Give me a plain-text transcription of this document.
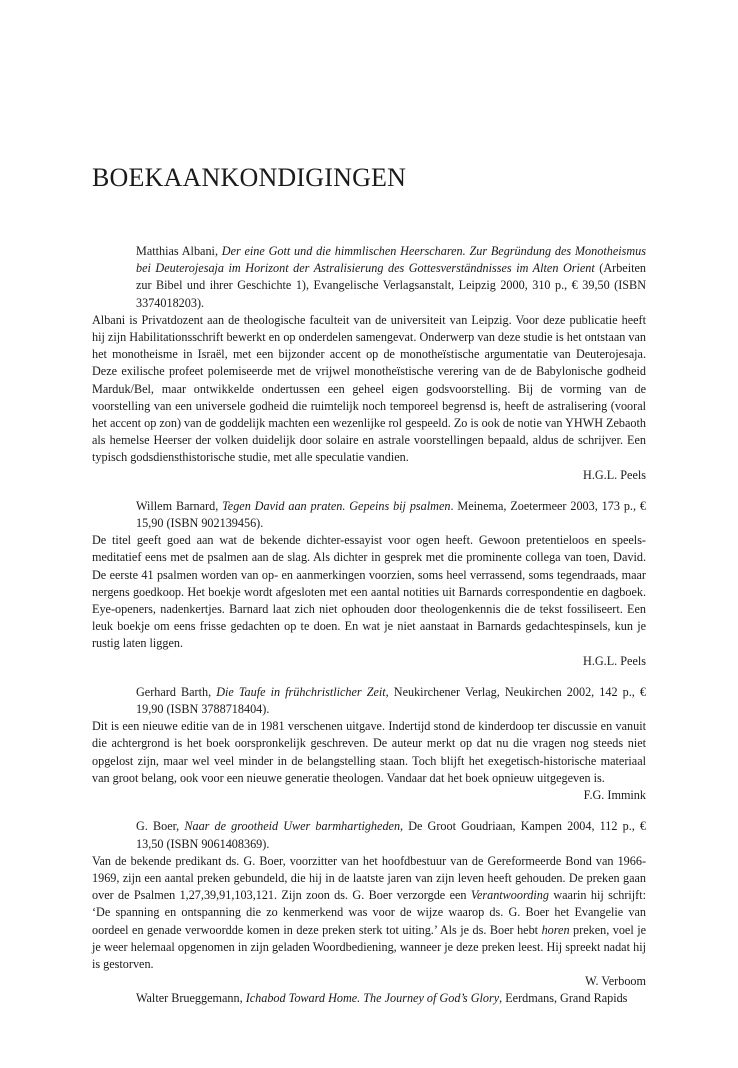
BOEKAANKONDIGINGEN

Matthias Albani, Der eine Gott und die himmlischen Heerscharen. Zur Begründung des Monotheismus bei Deuterojesaja im Horizont der Astralisierung des Gottesverständnisses im Alten Orient (Arbeiten zur Bibel und ihrer Geschichte 1), Evangelische Verlagsanstalt, Leipzig 2000, 310 p., € 39,50 (ISBN 3374018203).

Albani is Privatdozent aan de theologische faculteit van de universiteit van Leipzig. Voor deze publicatie heeft hij zijn Habilitationsschrift bewerkt en op onderdelen samengevat. Onderwerp van deze studie is het ontstaan van het monotheisme in Israël, met een bijzonder accent op de monotheïstische argumentatie van Deuterojesaja. Deze exilische profeet polemiseerde met de vrijwel monotheïstische verering van de de Babylonische godheid Marduk/Bel, maar ontwikkelde ondertussen een geheel eigen godsvoorstelling. Bij de vorming van de voorstelling van een universele godheid die ruimtelijk noch temporeel begrensd is, heeft de astralisering (vooral het accent op zon) van de goddelijk machten een wezenlijke rol gespeeld. Zo is ook de notie van YHWH Zebaoth als hemelse Heerser der volken duidelijk door solaire en astrale voorstellingen bepaald, aldus de schrijver. Een typisch godsdiensthistorische studie, met alle speculatie vandien.

H.G.L. Peels

Willem Barnard, Tegen David aan praten. Gepeins bij psalmen. Meinema, Zoetermeer 2003, 173 p., € 15,90 (ISBN 902139456).

De titel geeft goed aan wat de bekende dichter-essayist voor ogen heeft. Gewoon pretentieloos en speels-meditatief eens met de psalmen aan de slag. Als dichter in gesprek met die prominente collega van toen, David. De eerste 41 psalmen worden van op- en aanmerkingen voorzien, soms heel verrassend, soms tegendraads, maar nergens goedkoop. Het boekje wordt afgesloten met een aantal notities uit Barnards correspondentie en dagboek. Eye-openers, nadenkertjes. Barnard laat zich niet ophouden door theologenkennis die de tekst fossiliseert. Een leuk boekje om eens frisse gedachten op te doen. En wat je niet aanstaat in Barnards gedachtespinsels, kun je rustig laten liggen.

H.G.L. Peels

Gerhard Barth, Die Taufe in frühchristlicher Zeit, Neukirchener Verlag, Neukirchen 2002, 142 p., € 19,90 (ISBN 3788718404).

Dit is een nieuwe editie van de in 1981 verschenen uitgave. Indertijd stond de kinderdoop ter discussie en vanuit die achtergrond is het boek oorspronkelijk geschreven. De auteur merkt op dat nu die vragen nog steeds niet opgelost zijn, maar wel veel minder in de belangstelling staan. Toch blijft het exegetisch-historische materiaal van groot belang, ook voor een nieuwe generatie theologen. Vandaar dat het boek opnieuw uitgegeven is.

F.G. Immink

G. Boer, Naar de grootheid Uwer barmhartigheden, De Groot Goudriaan, Kampen 2004, 112 p., € 13,50 (ISBN 9061408369).

Van de bekende predikant ds. G. Boer, voorzitter van het hoofdbestuur van de Gereformeerde Bond van 1966-1969, zijn een aantal preken gebundeld, die hij in de laatste jaren van zijn leven heeft gehouden. De preken gaan over de Psalmen 1,27,39,91,103,121. Zijn zoon ds. G. Boer verzorgde een Verantwoording waarin hij schrijft: ‘De spanning en ontspanning die zo kenmerkend was voor de wijze waarop ds. G. Boer het Evangelie van oordeel en genade verwoordde komen in deze preken sterk tot uiting.’ Als je ds. Boer hebt horen preken, voel je je weer helemaal opgenomen in zijn geladen Woordbediening, wanneer je deze preken leest. Hij spreekt nadat hij is gestorven.

W. Verboom

Walter Brueggemann, Ichabod Toward Home. The Journey of God’s Glory, Eerdmans, Grand Rapids
